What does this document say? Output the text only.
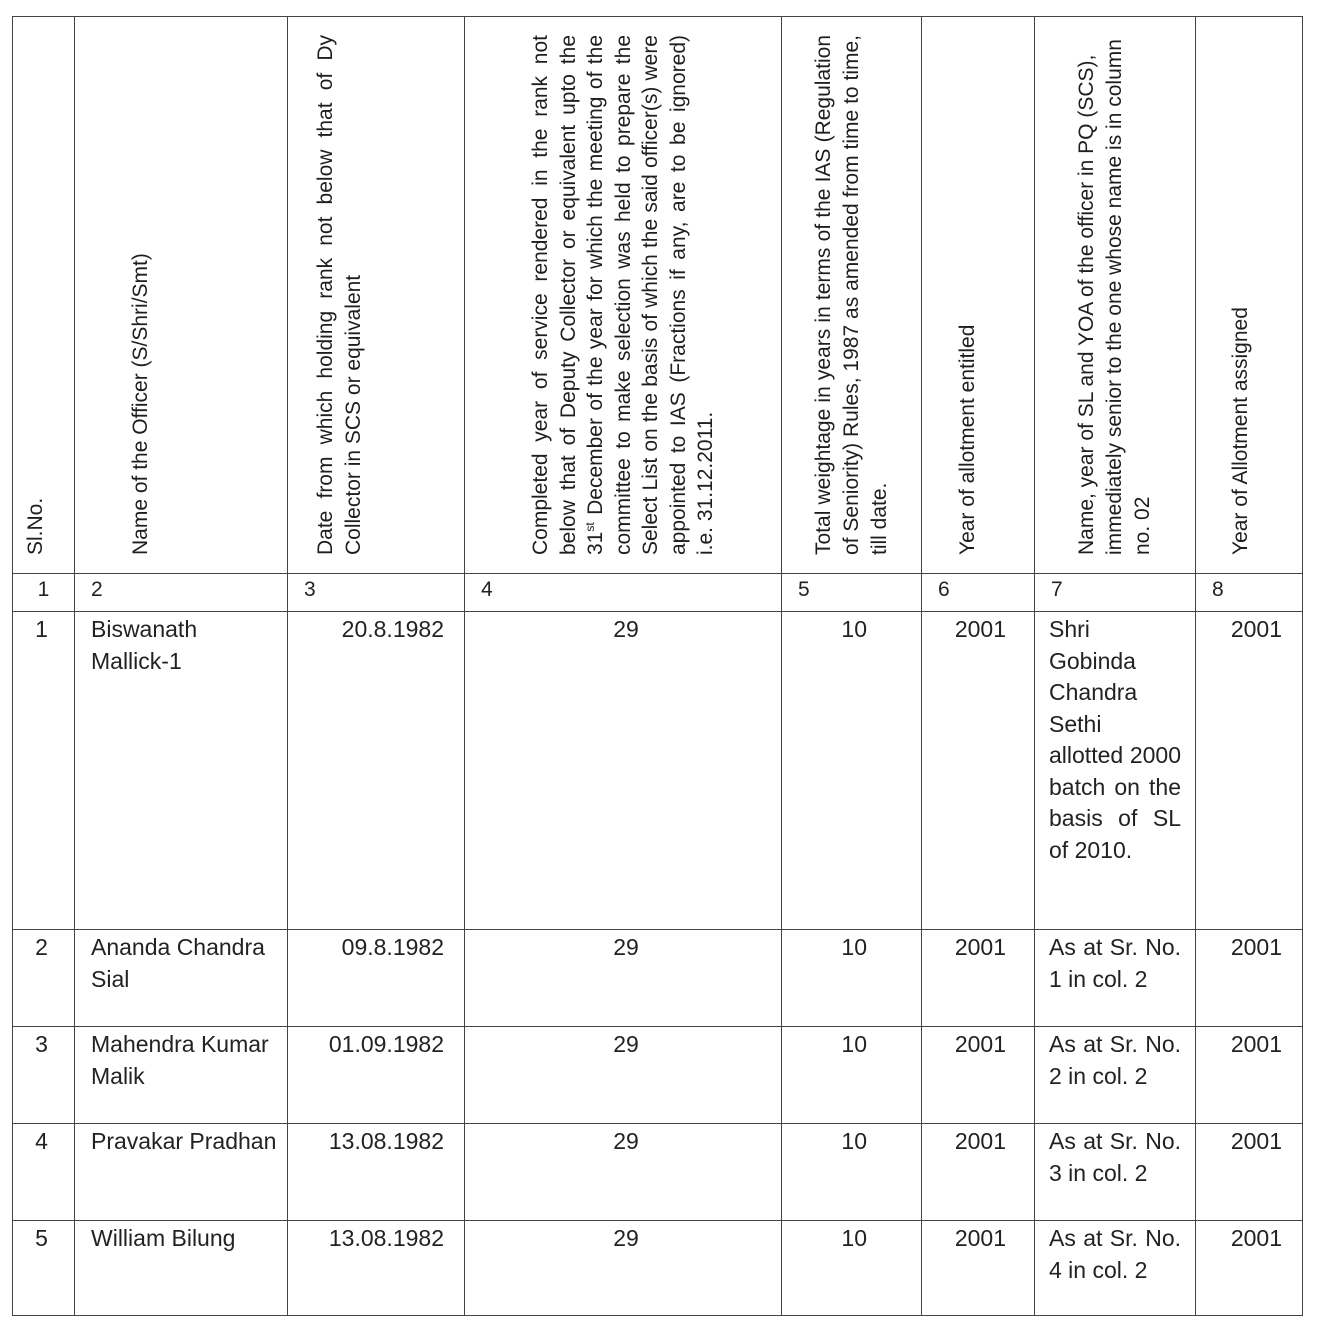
Sl.No.	Name of the Officer (S/Shri/Smt)	Date from which holding rank not below that of Dy Collector in SCS or equivalent	Completed year of service rendered in the rank not below that of Deputy Collector or equivalent upto the 31st December of the year for which the meeting of the committee to make selection was held to prepare the Select List on the basis of which the said officer(s) were appointed to IAS (Fractions if any, are to be ignored) i.e. 31.12.2011.	Total weightage in years in terms of the IAS (Regulation of Seniority) Rules, 1987 as amended from time to time, till date.	Year of allotment entitled	Name, year of SL and YOA of the officer in PQ (SCS), immediately senior to the one whose name is in column no. 02	Year of Allotment assigned

1	2	3	4	5	6	7	8
1	Biswanath Mallick-1	20.8.1982	29	10	2001	Shri Gobinda Chandra Sethi allotted 2000 batch on the basis of SL of 2010.	2001
2	Ananda Chandra Sial	09.8.1982	29	10	2001	As at Sr. No. 1 in col. 2	2001
3	Mahendra Kumar Malik	01.09.1982	29	10	2001	As at Sr. No. 2 in col. 2	2001
4	Pravakar Pradhan	13.08.1982	29	10	2001	As at Sr. No. 3 in col. 2	2001
5	William Bilung	13.08.1982	29	10	2001	As at Sr. No. 4 in col. 2	2001
